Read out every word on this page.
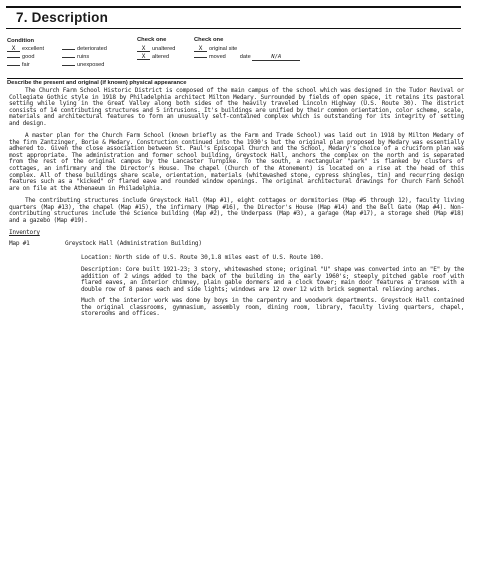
7. Description
Condition
X excellent
good
fair
deteriorated
ruins
unexposed
Check one
X unaltered
X altered
Check one
X original site
moved	date	N/A
Describe the present and original (if known) physical appearance

The Church Farm School Historic District is composed of the main campus of the school which was designed in the Tudor Revival or Collegiate Gothic style in 1918 by Philadelphia architect Milton Medary. Surrounded by fields of open space, it retains its pastoral setting while lying in the Great Valley along both sides of the heavily traveled Lincoln Highway (U.S. Route 30). The district consists of 14 contributing structures and 5 intrusions. It's buildings are unified by their common orientation, color scheme, scale, materials and architectural features to form an unusually self-contained complex which is outstanding for its integrity of setting and design.

A master plan for the Church Farm School (known briefly as the Farm and Trade School) was laid out in 1918 by Milton Medary of the firm Zantzinger, Borie & Medary. Construction continued into the 1930's but the original plan proposed by Medary was essentially adhered to. Given the close association between St. Paul's Episcopal Church and the School, Medary's choice of a cruciform plan was most appropriate. The administration and former school building, Greystock Hall, anchors the complex on the north and is separated from the rest of the original campus by the Lancaster Turnpike. To the south, a rectangular "park" is flanked by clusters of cottages, an infirmary and the Director's House. The chapel (Church of the Atonement) is located on a rise at the head of this complex. All of these buildings share scale, orientation, materials (whitewashed stone, cypress shingles, tin) and recurring design features such as a "kicked" or flared eave and rounded window openings. The original architectural drawings for Church Farm School are on file at the Athenaeum in Philadelphia.

The contributing structures include Greystock Hall (Map #1), eight cottages or dormitories (Map #5 through 12), faculty living quarters (Map #13), the chapel (Map #15), the infirmary (Map #16), the Director's House (Map #14) and the Bell Gate (Map #4). Non-contributing structures include the Science building (Map #2), the Underpass (Map #3), a garage (Map #17), a storage shed (Map #18) and a gazebo (Map #19).

Inventory
Map #1	Greystock Hall (Administration Building)
Location: North side of U.S. Route 30,1.8 miles east of U.S. Route 100.
Description: Core built 1921-23; 3 story, whitewashed stone; original "U" shape was converted into an "E" by the addition of 2 wings added to the back of the building in the early 1960's; steeply pitched gable roof with flared eaves, an interior chimney, plain gable dormers and a clock tower; main door features a transom with a double row of 8 panes each and side lights; windows are 12 over 12 with brick segmental relieving arches.
Much of the interior work was done by boys in the carpentry and woodwork departments. Greystock Hall contained the original classrooms, gymnasium, assembly room, dining room, library, faculty living quarters, chapel, storerooms and offices.
